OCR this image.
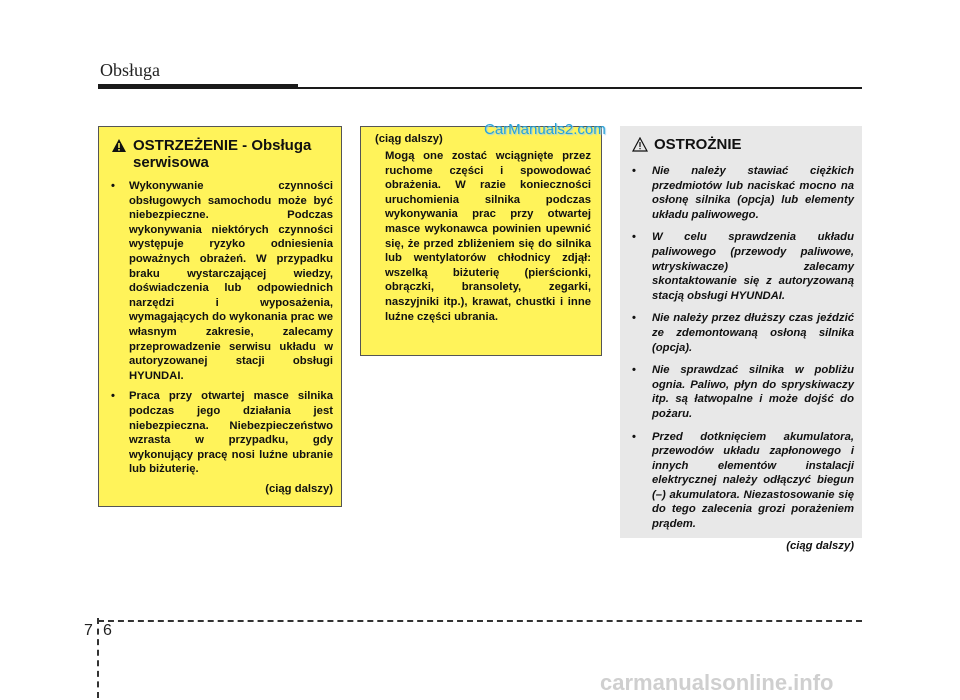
Obsługa
OSTRZEŻENIE - Obsługa serwisowa
• Wykonywanie czynności obsługowych samochodu może być niebezpieczne. Podczas wykonywania niektórych czynności występuje ryzyko odniesienia poważnych obrażeń. W przypadku braku wystarczającej wiedzy, doświadczenia lub odpowiednich narzędzi i wyposażenia, wymagających do wykonania prac we własnym zakresie, zalecamy przeprowadzenie serwisu układu w autoryzowanej stacji obsługi HYUNDAI.
• Praca przy otwartej masce silnika podczas jego działania jest niebezpieczna. Niebezpieczeństwo wzrasta w przypadku, gdy wykonujący pracę nosi luźne ubranie lub biżuterię.
(ciąg dalszy)
(ciąg dalszy)
Mogą one zostać wciągnięte przez ruchome części i spowodować obrażenia. W razie konieczności uruchomienia silnika podczas wykonywania prac przy otwartej masce wykonawca powinien upewnić się, że przed zbliżeniem się do silnika lub wentylatorów chłodnicy zdjął: wszelką biżuterię (pierścionki, obrączki, bransolety, zegarki, naszyjniki itp.), krawat, chustki i inne luźne części ubrania.
CarManuals2.com
OSTROŻNIE
• Nie należy stawiać ciężkich przedmiotów lub naciskać mocno na osłonę silnika (opcja) lub elementy układu paliwowego.
• W celu sprawdzenia układu paliwowego (przewody paliwowe, wtryskiwacze) zalecamy skontaktowanie się z autoryzowaną stacją obsługi HYUNDAI.
• Nie należy przez dłuższy czas jeździć ze zdemontowaną osłoną silnika (opcja).
• Nie sprawdzać silnika w pobliżu ognia. Paliwo, płyn do spryskiwaczy itp. są łatwopalne i może dojść do pożaru.
• Przed dotknięciem akumulatora, przewodów układu zapłonowego i innych elementów instalacji elektrycznej należy odłączyć biegun (–) akumulatora. Niezastosowanie się do tego zalecenia grozi porażeniem prądem.
(ciąg dalszy)
7 6
carmanualsonline.info
